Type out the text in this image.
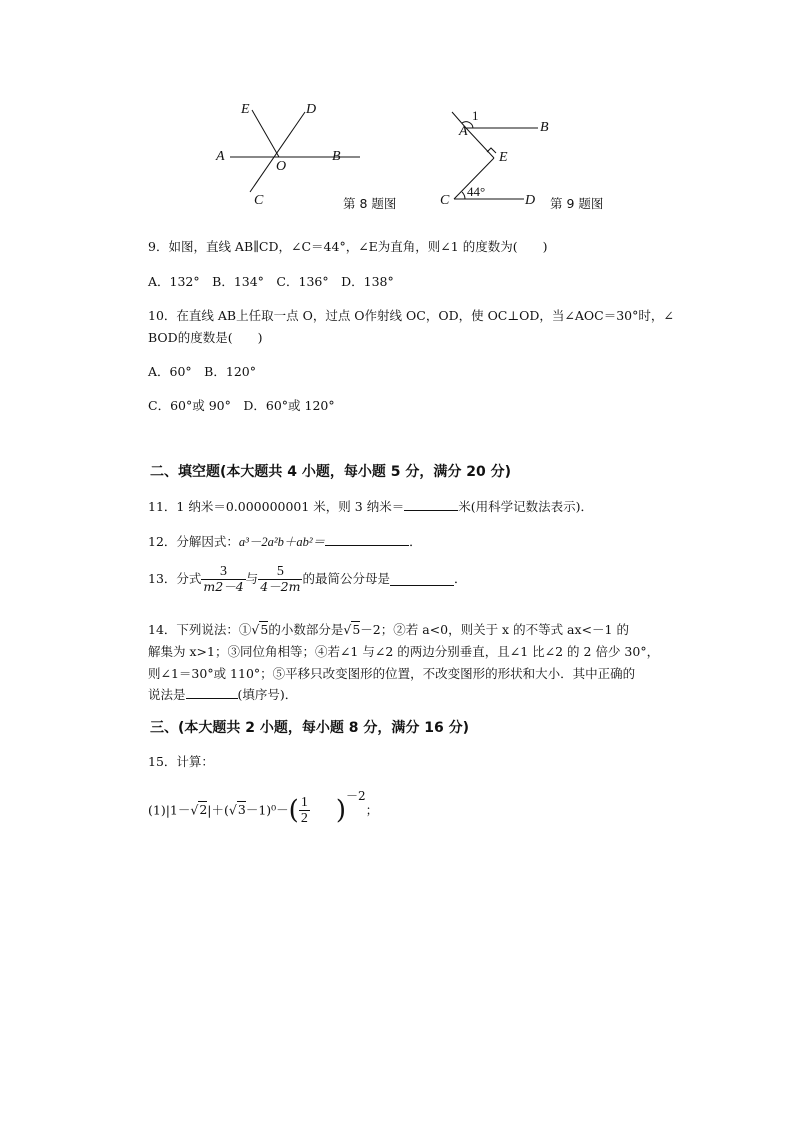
E	D
A
O
B
C	第 8 题图
1
A	B
E
C
44°
D 第 9 题图
9．如图，直线 AB∥CD，∠C＝44°，∠E为直角，则∠1 的度数为(　　)
A．132°　B．134°　C．136°　D．138°
10．在直线 AB上任取一点 O，过点 O作射线 OC，OD，使 OC⊥OD，当∠AOC＝30°时，∠
BOD的度数是(　　)
A．60°　B．120°
C．60°或 90°　D．60°或 120°
二、填空题(本大题共 4 小题，每小题 5 分，满分 20 分)
11．1 纳米＝0.000000001 米，则 3 纳米＝	米(用科学记数法表示)．
12．分解因式：a³－2a²b＋ab²＝	．
13．分式 $\frac{3}{m2-4}$ 与 $\frac{5}{4-2m}$ 的最简公分母是	．
14．下列说法：①√5的小数部分是√5－2；②若 a<0，则关于 x 的不等式 ax<－1 的
解集为 x>1；③同位角相等；④若∠1 与∠2 的两边分别垂直，且∠1 比∠2 的 2 倍少 30°，
则∠1＝30°或 110°；⑤平移只改变图形的位置，不改变图形的形状和大小．其中正确的
说法是	(填序号)．
三、(本大题共 2 小题，每小题 8 分，满分 16 分)
15．计算：
$(1)|1-√2|+(√3-1)^0-( \frac{1}{2} )^{-2}$；
